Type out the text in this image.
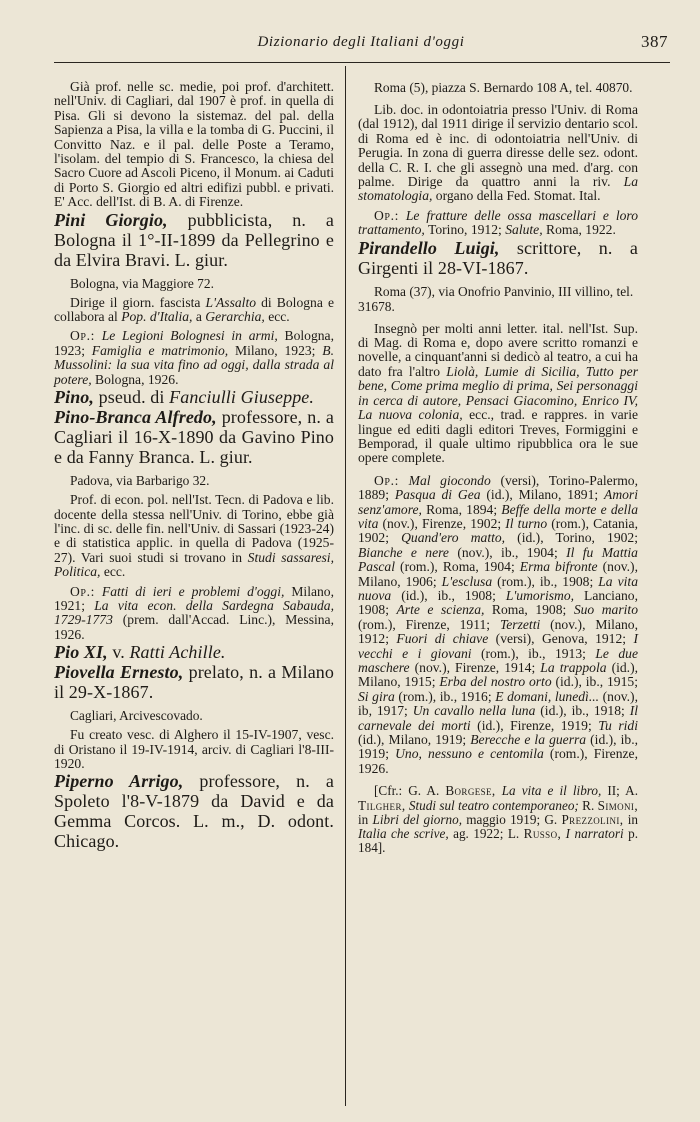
Dizionario degli Italiani d'oggi	387

Già prof. nelle sc. medie, poi prof. d'architett. nell'Univ. di Cagliari, dal 1907 è prof. in quella di Pisa. Gli si devono la sistemaz. del pal. della Sapienza a Pisa, la villa e la tomba di G. Puccini, il Convitto Naz. e il pal. delle Poste a Teramo, l'isolam. del tempio di S. Francesco, la chiesa del Sacro Cuore ad Ascoli Piceno, il Monum. ai Caduti di Porto S. Giorgio ed altri edifizi pubbl. e privati. E' Acc. dell'Ist. di B. A. di Firenze.

Pini Giorgio, pubblicista, n. a Bologna il 1°-II-1899 da Pellegrino e da Elvira Bravi. L. giur.

Bologna, via Maggiore 72.

Dirige il giorn. fascista L'Assalto di Bologna e collabora al Pop. d'Italia, a Gerarchia, ecc.

Op.: Le Legioni Bolognesi in armi, Bologna, 1923; Famiglia e matrimonio, Milano, 1923; B. Mussolini: la sua vita fino ad oggi, dalla strada al potere, Bologna, 1926.

Pino, pseud. di Fanciulli Giuseppe.

Pino-Branca Alfredo, professore, n. a Cagliari il 16-X-1890 da Gavino Pino e da Fanny Branca. L. giur.

Padova, via Barbarigo 32.

Prof. di econ. pol. nell'Ist. Tecn. di Padova e lib. docente della stessa nell'Univ. di Torino, ebbe già l'inc. di sc. delle fin. nell'Univ. di Sassari (1923-24) e di statistica applic. in quella di Padova (1925-27). Vari suoi studi si trovano in Studi sassaresi, Politica, ecc.

Op.: Fatti di ieri e problemi d'oggi, Milano, 1921; La vita econ. della Sardegna Sabauda, 1729-1773 (prem. dall'Accad. Linc.), Messina, 1926.

Pio XI, v. Ratti Achille.

Piovella Ernesto, prelato, n. a Milano il 29-X-1867.

Cagliari, Arcivescovado.

Fu creato vesc. di Alghero il 15-IV-1907, vesc. di Oristano il 19-IV-1914, arciv. di Cagliari l'8-III-1920.

Piperno Arrigo, professore, n. a Spoleto l'8-V-1879 da David e da Gemma Corcos. L. m., D. odont. Chicago.

Roma (5), piazza S. Bernardo 108 A, tel. 40870.

Lib. doc. in odontoiatria presso l'Univ. di Roma (dal 1912), dal 1911 dirige il servizio dentario scol. di Roma ed è inc. di odontoiatria nell'Univ. di Perugia. In zona di guerra diresse delle sez. odont. della C. R. I. che gli assegnò una med. d'arg. con palme. Dirige da quattro anni la riv. La stomatologia, organo della Fed. Stomat. Ital.

Op.: Le fratture delle ossa mascellari e loro trattamento, Torino, 1912; Salute, Roma, 1922.

Pirandello Luigi, scrittore, n. a Girgenti il 28-VI-1867.

Roma (37), via Onofrio Panvinio, III villino, tel. 31678.

Insegnò per molti anni letter. ital. nell'Ist. Sup. di Mag. di Roma e, dopo avere scritto romanzi e novelle, a cinquant'anni si dedicò al teatro, a cui ha dato fra l'altro Liolà, Lumie di Sicilia, Tutto per bene, Come prima meglio di prima, Sei personaggi in cerca di autore, Pensaci Giacomino, Enrico IV, La nuova colonia, ecc., trad. e rappres. in varie lingue ed editi dagli editori Treves, Formiggini e Bemporad, il quale ultimo ripubblica ora le sue opere complete.

Op.: Mal giocondo (versi), Torino-Palermo, 1889; Pasqua di Gea (id.), Milano, 1891; Amori senz'amore, Roma, 1894; Beffe della morte e della vita (nov.), Firenze, 1902; Il turno (rom.), Catania, 1902; Quand'ero matto, (id.), Torino, 1902; Bianche e nere (nov.), ib., 1904; Il fu Mattia Pascal (rom.), Roma, 1904; Erma bifronte (nov.), Milano, 1906; L'esclusa (rom.), ib., 1908; La vita nuova (id.), ib., 1908; L'umorismo, Lanciano, 1908; Arte e scienza, Roma, 1908; Suo marito (rom.), Firenze, 1911; Terzetti (nov.), Milano, 1912; Fuori di chiave (versi), Genova, 1912; I vecchi e i giovani (rom.), ib., 1913; Le due maschere (nov.), Firenze, 1914; La trappola (id.), Milano, 1915; Erba del nostro orto (id.), ib., 1915; Si gira (rom.), ib., 1916; E domani, lunedì... (nov.), ib, 1917; Un cavallo nella luna (id.), ib., 1918; Il carnevale dei morti (id.), Firenze, 1919; Tu ridi (id.), Milano, 1919; Berecche e la guerra (id.), ib., 1919; Uno, nessuno e centomila (rom.), Firenze, 1926.

[Cfr.: G. A. Borgese, La vita e il libro, II; A. Tilgher, Studi sul teatro contemporaneo; R. Simoni, in Libri del giorno, maggio 1919; G. Prezzolini, in Italia che scrive, ag. 1922; L. Russo, I narratori p. 184].
